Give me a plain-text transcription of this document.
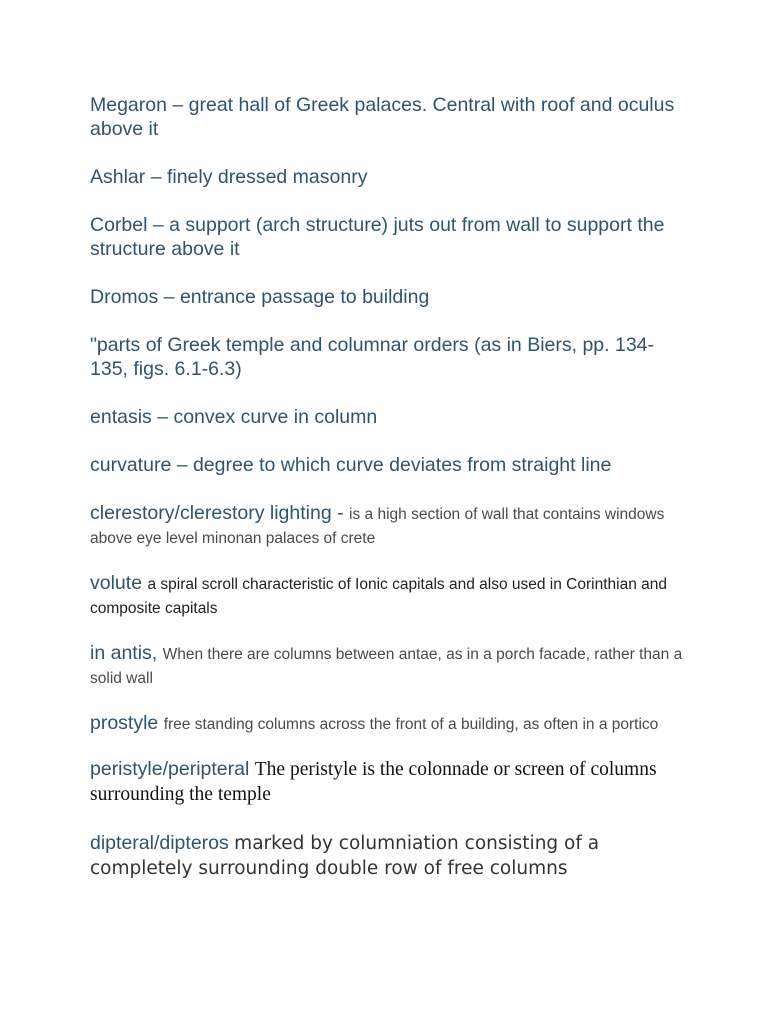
Megaron – great hall of Greek palaces. Central with roof and oculus above it

Ashlar – finely dressed masonry

Corbel – a support (arch structure) juts out from wall to support the structure above it

Dromos – entrance passage to building

"parts of Greek temple and columnar orders (as in Biers, pp. 134-135, figs. 6.1-6.3)

entasis – convex curve in column

curvature – degree to which curve deviates from straight line

clerestory/clerestory lighting - is a high section of wall that contains windows above eye level minonan palaces of crete

volute a spiral scroll characteristic of Ionic capitals and also used in Corinthian and composite capitals

in antis, When there are columns between antae, as in a porch facade, rather than a solid wall

prostyle free standing columns across the front of a building, as often in a portico

peristyle/peripteral The peristyle is the colonnade or screen of columns surrounding the temple

dipteral/dipteros marked by columniation consisting of a completely surrounding double row of free columns
